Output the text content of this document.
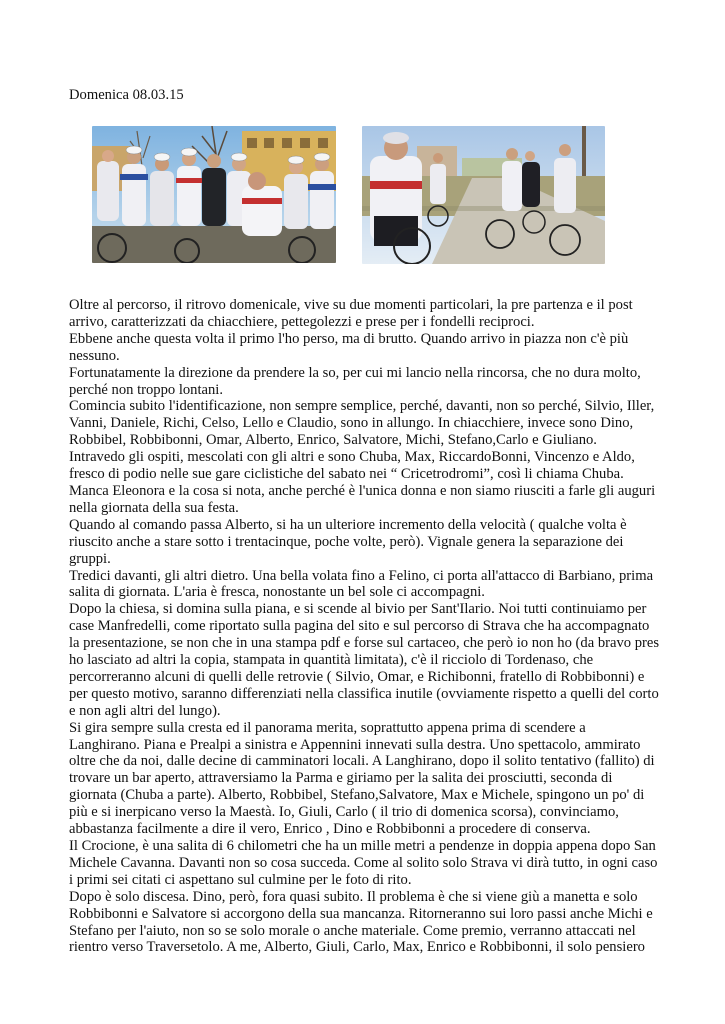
Domenica 08.03.15

Oltre al percorso, il ritrovo domenicale, vive su due momenti particolari, la pre partenza e il post arrivo, caratterizzati da chiacchiere, pettegolezzi e prese per i fondelli reciproci.

Ebbene anche questa volta il primo l'ho perso, ma di brutto. Quando arrivo in piazza non c'è più nessuno.

Fortunatamente la direzione da prendere la so, per cui mi lancio nella rincorsa, che no dura molto, perché non troppo lontani.

Comincia subito l'identificazione, non sempre semplice, perché, davanti, non so perché, Silvio, Iller, Vanni, Daniele, Richi, Celso, Lello e Claudio, sono in allungo. In chiacchiere, invece sono Dino, Robbibel, Robbibonni, Omar, Alberto, Enrico, Salvatore, Michi, Stefano,Carlo e Giuliano.

Intravedo gli ospiti, mescolati con gli altri e sono Chuba, Max, RiccardoBonni, Vincenzo e Aldo, fresco di podio nelle sue gare ciclistiche del sabato nei “ Cricetrodromi”, così li chiama Chuba.

Manca Eleonora e la cosa si nota, anche perché è l'unica donna e non siamo riusciti a farle gli auguri nella giornata della sua festa.

Quando al comando passa Alberto, si ha un ulteriore incremento della velocità ( qualche volta è riuscito anche a stare sotto i trentacinque, poche volte, però). Vignale genera la separazione dei gruppi.

Tredici davanti, gli altri dietro. Una bella volata fino a Felino, ci porta all'attacco di Barbiano, prima salita di giornata. L'aria è fresca, nonostante un bel sole ci accompagni.

Dopo la chiesa, si domina sulla piana, e si scende al bivio per Sant'Ilario. Noi tutti continuiamo per case Manfredelli, come riportato sulla pagina del sito e sul percorso di Strava che ha accompagnato la presentazione, se non che in una stampa pdf e forse sul cartaceo, che però io non ho (da bravo pres ho lasciato ad altri la copia, stampata in quantità limitata), c'è il ricciolo di Tordenaso, che percorreranno alcuni di quelli delle retrovie ( Silvio, Omar, e Richibonni, fratello di Robbibonni) e per questo motivo, saranno differenziati nella classifica inutile (ovviamente rispetto a quelli del corto e non agli altri del lungo).

Si gira sempre sulla cresta ed il panorama merita, soprattutto appena prima di scendere a Langhirano. Piana e Prealpi a sinistra e Appennini innevati sulla destra. Uno spettacolo, ammirato oltre che da noi, dalle decine di camminatori locali. A Langhirano, dopo il solito tentativo (fallito) di trovare un bar aperto, attraversiamo la Parma e giriamo per la salita dei prosciutti, seconda di giornata (Chuba a parte). Alberto, Robbibel, Stefano,Salvatore, Max e Michele, spingono un po' di più e si inerpicano verso la Maestà. Io, Giuli, Carlo ( il trio di domenica scorsa), convinciamo, abbastanza facilmente a dire il vero, Enrico , Dino e Robbibonni a procedere di conserva.

Il Crocione, è una salita di 6 chilometri che ha un mille metri a pendenze in doppia appena dopo San Michele Cavanna. Davanti non so cosa succeda. Come al solito solo Strava vi dirà tutto, in ogni caso i primi sei citati ci aspettano sul culmine per le foto di rito.

Dopo è solo discesa. Dino, però, fora quasi subito. Il problema è che si viene giù a manetta e solo Robbibonni e Salvatore si accorgono della sua mancanza. Ritorneranno sui loro passi anche Michi e Stefano per l'aiuto, non so se solo morale o anche materiale. Come premio, verranno attaccati nel rientro verso Traversetolo. A me, Alberto, Giuli, Carlo, Max, Enrico e Robbibonni, il solo pensiero
